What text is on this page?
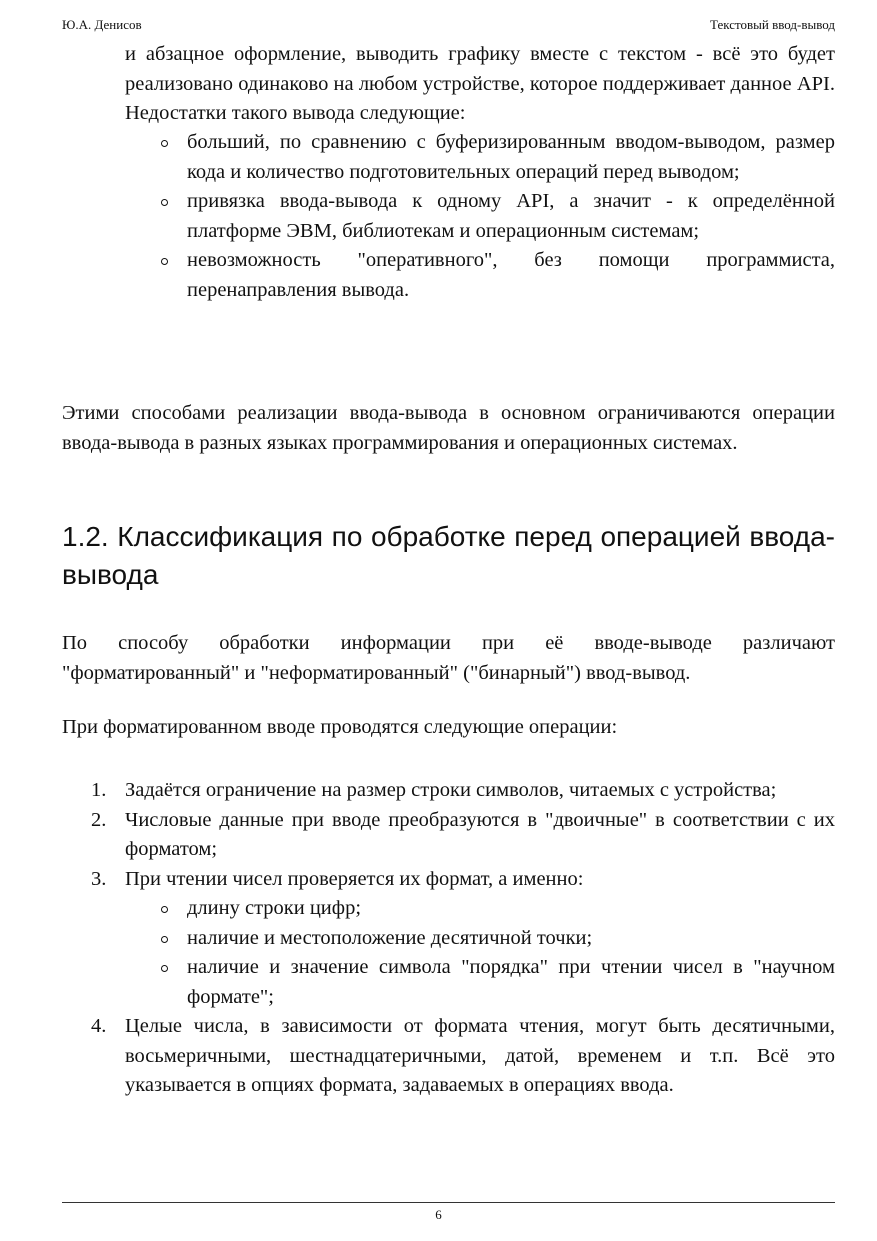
Ю.А. Денисов	Текстовый ввод-вывод

и абзацное оформление, выводить графику вместе с текстом - всё это будет реализовано одинаково на любом устройстве, которое поддерживает данное API. Недостатки такого вывода следующие:

больший, по сравнению с буферизированным вводом-выводом, размер кода и количество подготовительных операций перед выводом;
привязка ввода-вывода к одному API, а значит - к определённой платформе ЭВМ, библиотекам и операционным системам;
невозможность "оперативного", без помощи программиста, перенаправления вывода.

Этими способами реализации ввода-вывода в основном ограничиваются операции ввода-вывода в разных языках программирования и операционных системах.

1.2. Классификация по обработке перед операцией ввода-вывода

По способу обработки информации при её вводе-выводе различают "форматированный" и "неформатированный" ("бинарный") ввод-вывод.

При форматированном вводе проводятся следующие операции:

1. Задаётся ограничение на размер строки символов, читаемых с устройства;
2. Числовые данные при вводе преобразуются в "двоичные" в соответствии с их форматом;
3. При чтении чисел проверяется их формат, а именно:
длину строки цифр;
наличие и местоположение десятичной точки;
наличие и значение символа "порядка" при чтении чисел в "научном формате";
4. Целые числа, в зависимости от формата чтения, могут быть десятичными, восьмеричными, шестнадцатеричными, датой, временем и т.п. Всё это указывается в опциях формата, задаваемых в операциях ввода.
6
